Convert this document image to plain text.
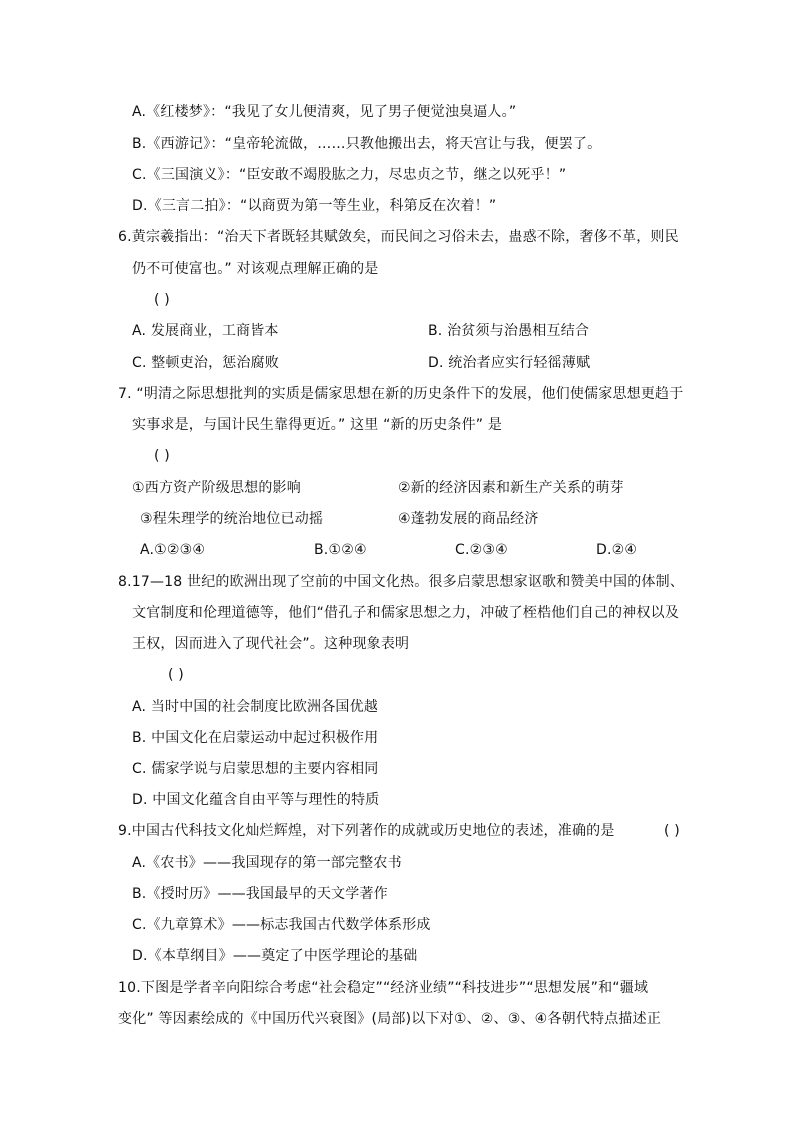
A.《红楼梦》：“我见了女儿便清爽，见了男子便觉浊臭逼人。”
B.《西游记》：“皇帝轮流做，……只教他搬出去，将天宫让与我，便罢了。
C.《三国演义》：“臣安敢不竭股肱之力，尽忠贞之节，继之以死乎！”
D.《三言二拍》：“以商贾为第一等生业，科第反在次着！”
6.黄宗羲指出：“治天下者既轻其赋敛矣，而民间之习俗未去，蛊惑不除，奢侈不革，则民
仍不可使富也。” 对该观点理解正确的是
( )
A. 发展商业，工商皆本	B. 治贫须与治愚相互结合
C. 整顿吏治，惩治腐败	D. 统治者应实行轻徭薄赋
7. “明清之际思想批判的实质是儒家思想在新的历史条件下的发展，他们使儒家思想更趋于
实事求是，与国计民生靠得更近。” 这里 “新的历史条件” 是
( )
①西方资产阶级思想的影响	②新的经济因素和新生产关系的萌芽
③程朱理学的统治地位已动摇	④蓬勃发展的商品经济
A.①②③④	B.①②④	C.②③④	D.②④
8.17—18 世纪的欧洲出现了空前的中国文化热。很多启蒙思想家讴歌和赞美中国的体制、
文官制度和伦理道德等，他们“借孔子和儒家思想之力，冲破了桎梏他们自己的神权以及
王权，因而进入了现代社会”。这种现象表明
( )
A. 当时中国的社会制度比欧洲各国优越
B. 中国文化在启蒙运动中起过积极作用
C. 儒家学说与启蒙思想的主要内容相同
D. 中国文化蕴含自由平等与理性的特质
9.中国古代科技文化灿烂辉煌，对下列著作的成就或历史地位的表述，准确的是	( )
A.《农书》——我国现存的第一部完整农书
B.《授时历》——我国最早的天文学著作
C.《九章算术》——标志我国古代数学体系形成
D.《本草纲目》——奠定了中医学理论的基础
10.下图是学者辛向阳综合考虑“社会稳定”“经济业绩”“科技进步”“思想发展”和“疆域
变化” 等因素绘成的《中国历代兴衰图》(局部)以下对①、②、③、④各朝代特点描述正
